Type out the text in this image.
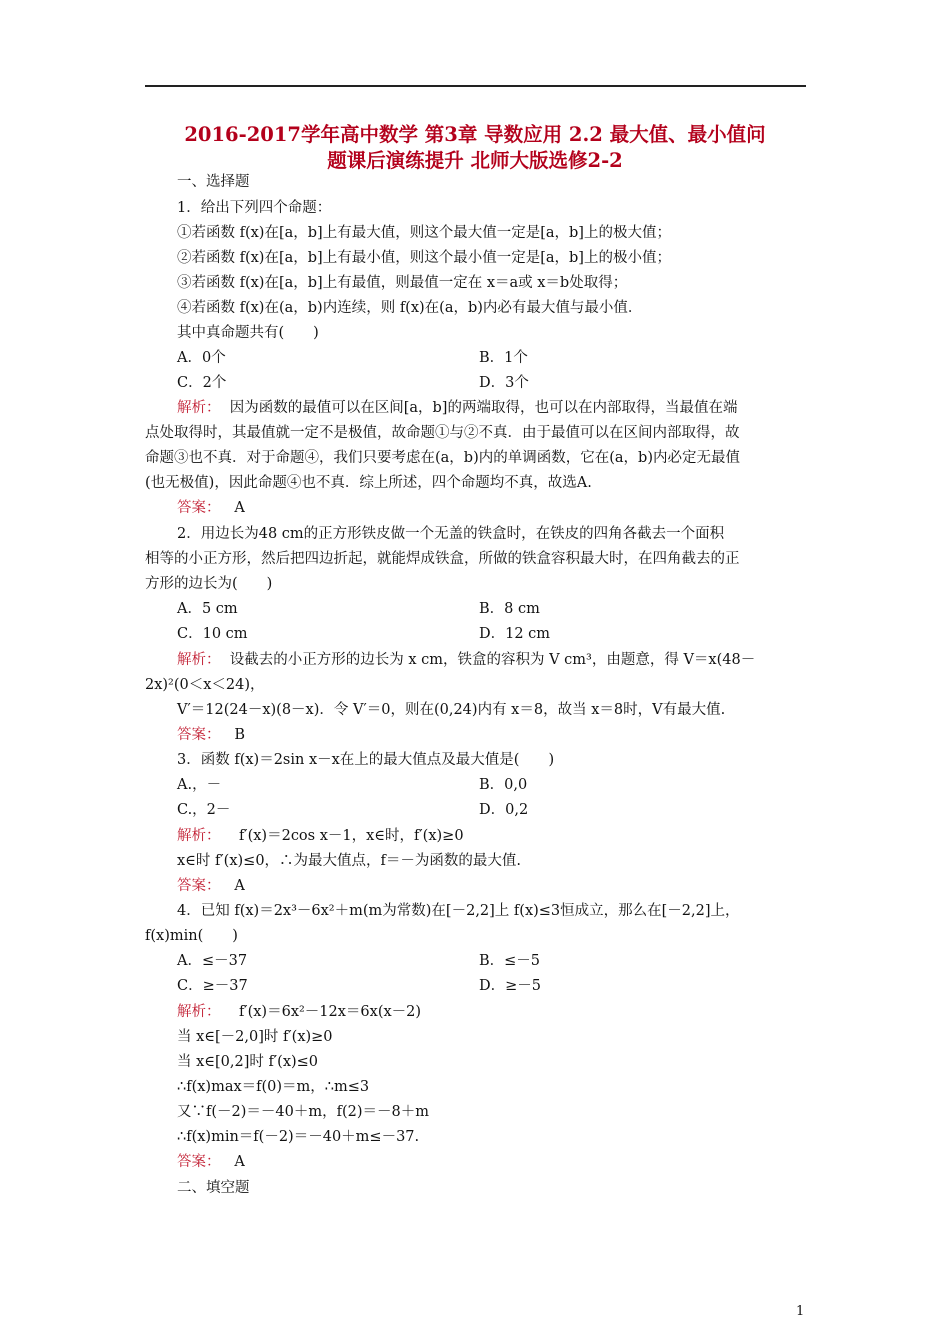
2016-2017学年高中数学 第3章 导数应用 2.2 最大值、最小值问
题课后演练提升 北师大版选修2-2
一、选择题
1．给出下列四个命题：
①若函数 f(x)在[a，b]上有最大值，则这个最大值一定是[a，b]上的极大值；
②若函数 f(x)在[a，b]上有最小值，则这个最小值一定是[a，b]上的极小值；
③若函数 f(x)在[a，b]上有最值，则最值一定在 x＝a或 x＝b处取得；
④若函数 f(x)在(a，b)内连续，则 f(x)在(a，b)内必有最大值与最小值．
其中真命题共有(　　)
A．0个	B．1个
C．2个	D．3个
解析： 因为函数的最值可以在区间[a，b]的两端取得，也可以在内部取得，当最值在端
点处取得时，其最值就一定不是极值，故命题①与②不真．由于最值可以在区间内部取得，故
命题③也不真．对于命题④，我们只要考虑在(a，b)内的单调函数，它在(a，b)内必定无最值
(也无极值)，因此命题④也不真．综上所述，四个命题均不真，故选A.
答案： A
2．用边长为48 cm的正方形铁皮做一个无盖的铁盒时，在铁皮的四角各截去一个面积
相等的小正方形，然后把四边折起，就能焊成铁盒，所做的铁盒容积最大时，在四角截去的正
方形的边长为(　　)
A．5 cm	B．8 cm
C．10 cm	D．12 cm
解析： 设截去的小正方形的边长为 x cm，铁盒的容积为 V cm³，由题意，得 V＝x(48－
2x)²(0＜x＜24)，
V′＝12(24－x)(8－x)．令 V′＝0，则在(0,24)内有 x＝8，故当 x＝8时，V有最大值.
答案： B
3．函数 f(x)＝2sin x－x在上的最大值点及最大值是(　　)
A.，－	B．0,0
C.，2－	D．0,2
解析： f′(x)＝2cos x－1，x∈时，f′(x)≥0
x∈时 f′(x)≤0，∴为最大值点，f＝－为函数的最大值.
答案： A
4．已知 f(x)＝2x³－6x²＋m(m为常数)在[－2,2]上 f(x)≤3恒成立，那么在[－2,2]上，
f(x)min(　　)
A．≤－37	B．≤－5
C．≥－37	D．≥－5
解析： f′(x)＝6x²－12x＝6x(x－2)
当 x∈[－2,0]时 f′(x)≥0
当 x∈[0,2]时 f′(x)≤0
∴f(x)max＝f(0)＝m，∴m≤3
又∵f(－2)＝－40＋m，f(2)＝－8＋m
∴f(x)min＝f(－2)＝－40＋m≤－37.
答案： A
二、填空题
1
